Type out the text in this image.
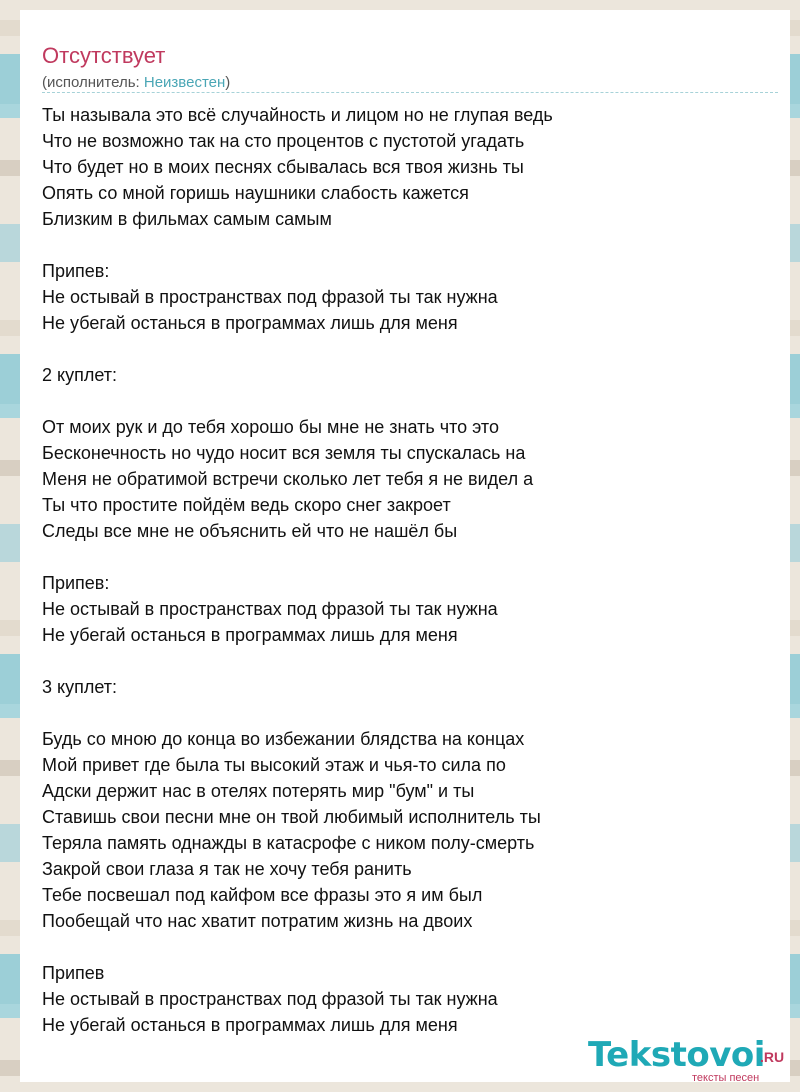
Отсутствует
(исполнитель: Неизвестен)
Ты называла это всё случайность и лицом но не глупая ведь
Что не возможно так на сто процентов с пустотой угадать
Что будет но в моих песнях сбывалась вся твоя жизнь ты
Опять со мной горишь наушники слабость кажется
Близким в фильмах самым самым
Припев:
Не остывай в пространствах под фразой ты так нужна
Не убегай останься в программах лишь для меня
2 куплет:
От моих рук и до тебя хорошо бы мне не знать что это
Бесконечность но чудо носит вся земля ты спускалась на
Меня не обратимой встречи сколько лет тебя я не видел а
Ты что простите пойдём ведь скоро снег закроет
Следы все мне не объяснить ей что не нашёл бы
Припев:
Не остывай в пространствах под фразой ты так нужна
Не убегай останься в программах лишь для меня
3 куплет:
Будь со мною до конца во избежании блядства на концах
Мой привет где была ты высокий этаж и чья-то сила по
Адски держит нас в отелях потерять мир "бум" и ты
Ставишь свои песни мне он твой любимый исполнитель ты
Теряла память однажды в катасрофе с ником полу-смерть
Закрой свои глаза я так не хочу тебя ранить
Тебе посвешал под кайфом все фразы это я им был
Пообещай что нас хватит потратим жизнь на двоих
Припев
Не остывай в пространствах под фразой ты так нужна
Не убегай останься в программах лишь для меня
Tekstovoi
.RU
тексты песен
